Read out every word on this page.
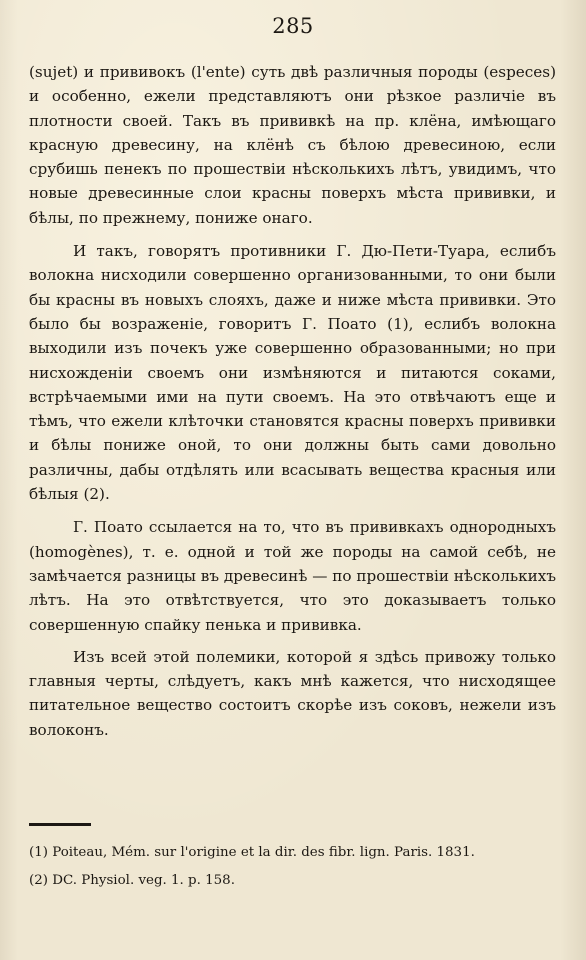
285

(sujet) и прививокъ (l'ente) суть двѣ различныя породы (especes) и особенно, ежели представляютъ они рѣзкое различіе въ плотности своей. Такъ въ прививкѣ на пр. клёна, имѣющаго красную древесину, на клёнѣ съ бѣлою древесиною, если срубишь пенекъ по прошествіи нѣсколькихъ лѣтъ, увидимъ, что новые древесинные слои красны поверхъ мѣста прививки, и бѣлы, по прежнему, пониже онаго.

И такъ, говорятъ противники Г. Дю-Пети-Туара, еслибъ волокна нисходили совершенно организованными, то они были бы красны въ новыхъ слояхъ, даже и ниже мѣста прививки. Это было бы возраженіе, говоритъ Г. Поато (1), еслибъ волокна выходили изъ почекъ уже совершенно образованными; но при нисхожденіи своемъ они измѣняются и питаются соками, встрѣчаемыми ими на пути своемъ. На это отвѣчаютъ еще и тѣмъ, что ежели клѣточки становятся красны поверхъ прививки и бѣлы пониже оной, то они должны быть сами довольно различны, дабы отдѣлять или всасывать вещества красныя или бѣлыя (2).

Г. Поато ссылается на то, что въ прививкахъ однородныхъ (homogènes), т. е. одной и той же породы на самой себѣ, не замѣчается разницы въ древесинѣ — по прошествіи нѣсколькихъ лѣтъ. На это отвѣтствуется, что это доказываетъ только совершенную спайку пенька и прививка.

Изъ всей этой полемики, которой я здѣсь привожу только главныя черты, слѣдуетъ, какъ мнѣ кажется, что нисходящее питательное вещество состоитъ скорѣе изъ соковъ, нежели изъ волоконъ.

(1) Poiteau, Mém. sur l'origine et la dir. des fibr. lign. Paris. 1831.

(2) DC. Physiol. veg. 1. p. 158.
